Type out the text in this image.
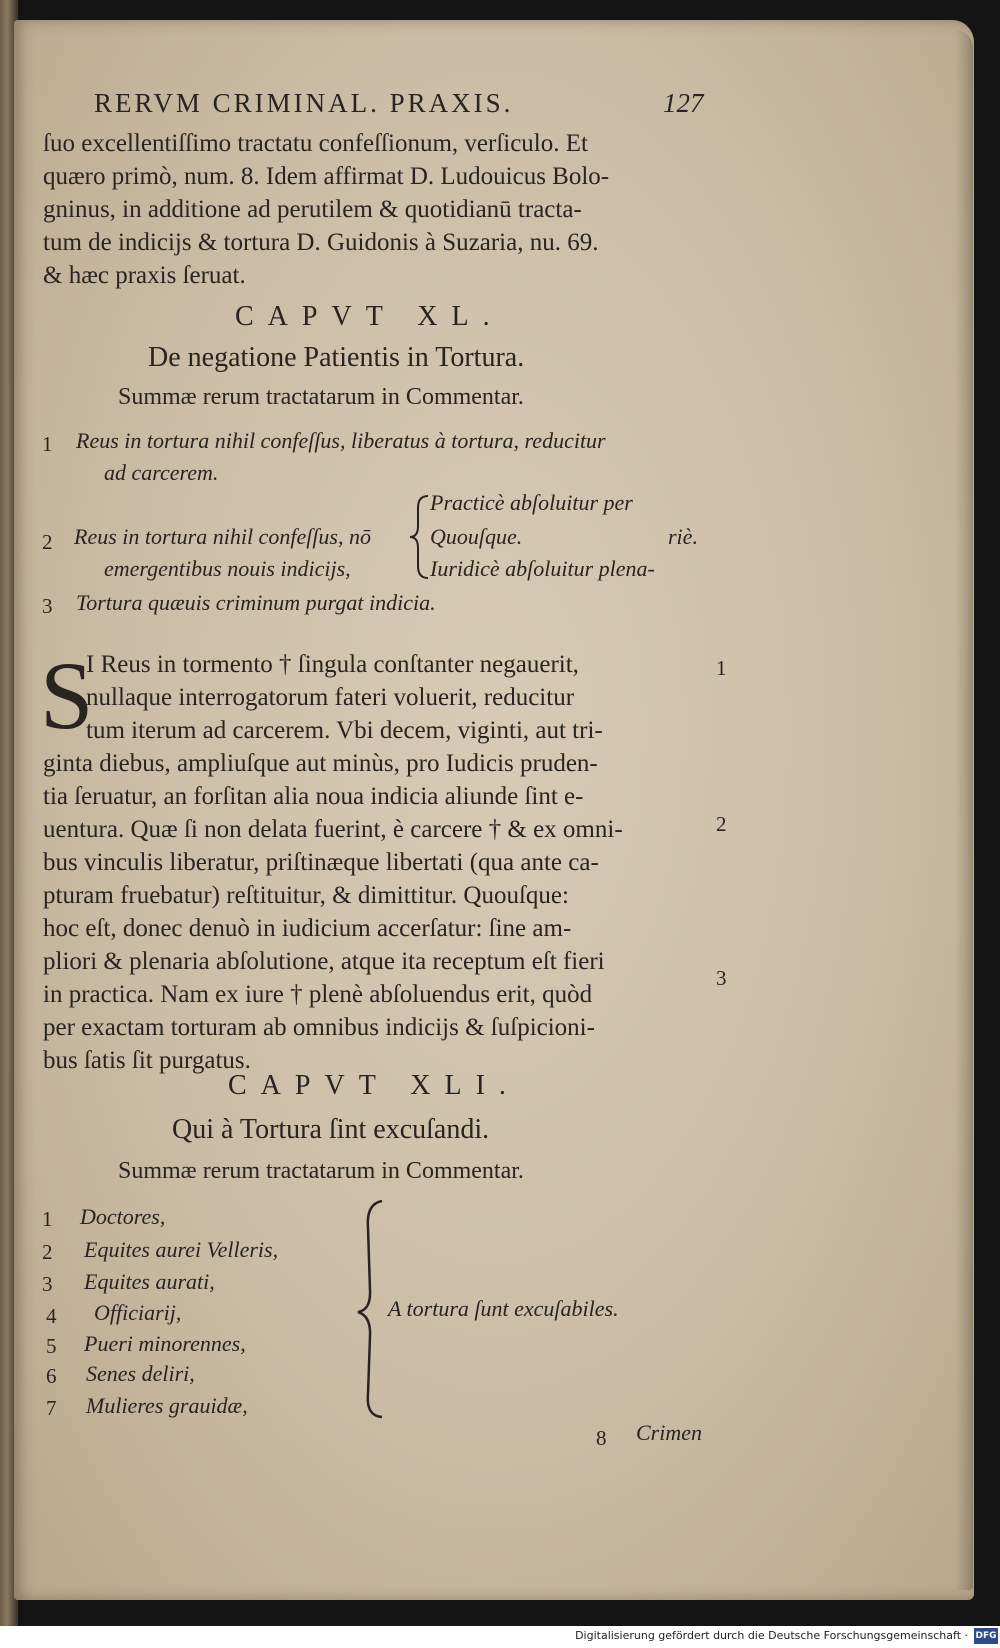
RERVM CRIMINAL. PRAXIS.	127
ſuo excellentiſſimo tractatu confeſſionum, verſiculo. Et
quæro primò, num. 8. Idem affirmat D. Ludouicus Bolo-
gninus, in additione ad perutilem & quotidianū tracta-
tum de indicijs & tortura D. Guidonis à Suzaria, nu. 69.
& hæc praxis ſeruat.
CAPVT XL.
De negatione Patientis in Tortura.
Summæ rerum tractatarum in Commentar.
1 Reus in tortura nihil confeſſus, liberatus à tortura, reducitur
ad carcerem.
Practicè abſoluitur per
2 Reus in tortura nihil confeſſus, nō	Quouſque.	riè.
emergentibus nouis indicijs,	Iuridicè abſoluitur plena-
3 Tortura quæuis criminum purgat indicia.
S
I Reus in tormento † ſingula conſtanter negauerit,
nullaque interrogatorum fateri voluerit, reducitur
tum iterum ad carcerem. Vbi decem, viginti, aut tri-
ginta diebus, ampliuſque aut minùs, pro Iudicis pruden-
tia ſeruatur, an forſitan alia noua indicia aliunde ſint e-
uentura. Quæ ſi non delata fuerint, è carcere † & ex omni-
bus vinculis liberatur, priſtinæque libertati (qua ante ca-
pturam fruebatur) reſtituitur, & dimittitur. Quouſque:
hoc eſt, donec denuò in iudicium accerſatur: ſine am-
pliori & plenaria abſolutione, atque ita receptum eſt fieri
in practica. Nam ex iure † plenè abſoluendus erit, quòd
per exactam torturam ab omnibus indicijs & ſuſpicioni-
bus ſatis ſit purgatus.
1
2
3
CAPVT XLI.
Qui à Tortura ſint excuſandi.
Summæ rerum tractatarum in Commentar.
1 Doctores,
2 Equites aurei Velleris,
3 Equites aurati,
4 Officiarij,
5 Pueri minorennes,
6 Senes deliri,
7 Mulieres grauidæ,
A tortura ſunt excuſabiles.
8 Crimen
Digitalisierung gefördert durch die Deutsche Forschungsgemeinschaft · DFG
